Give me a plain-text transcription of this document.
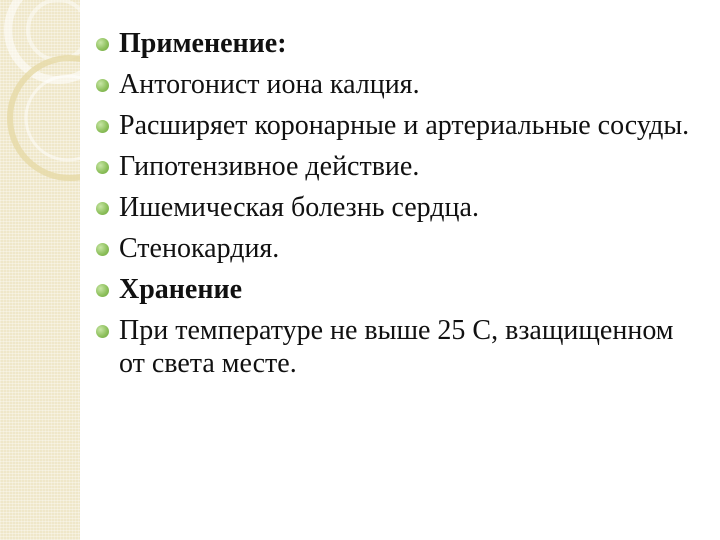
Применение:
Антогонист иона калция.
Расширяет коронарные и артериальные сосуды.
Гипотензивное действие.
Ишемическая болезнь сердца.
Стенокардия.
Хранение
При температуре не выше 25 С, взащищенном от света месте.
